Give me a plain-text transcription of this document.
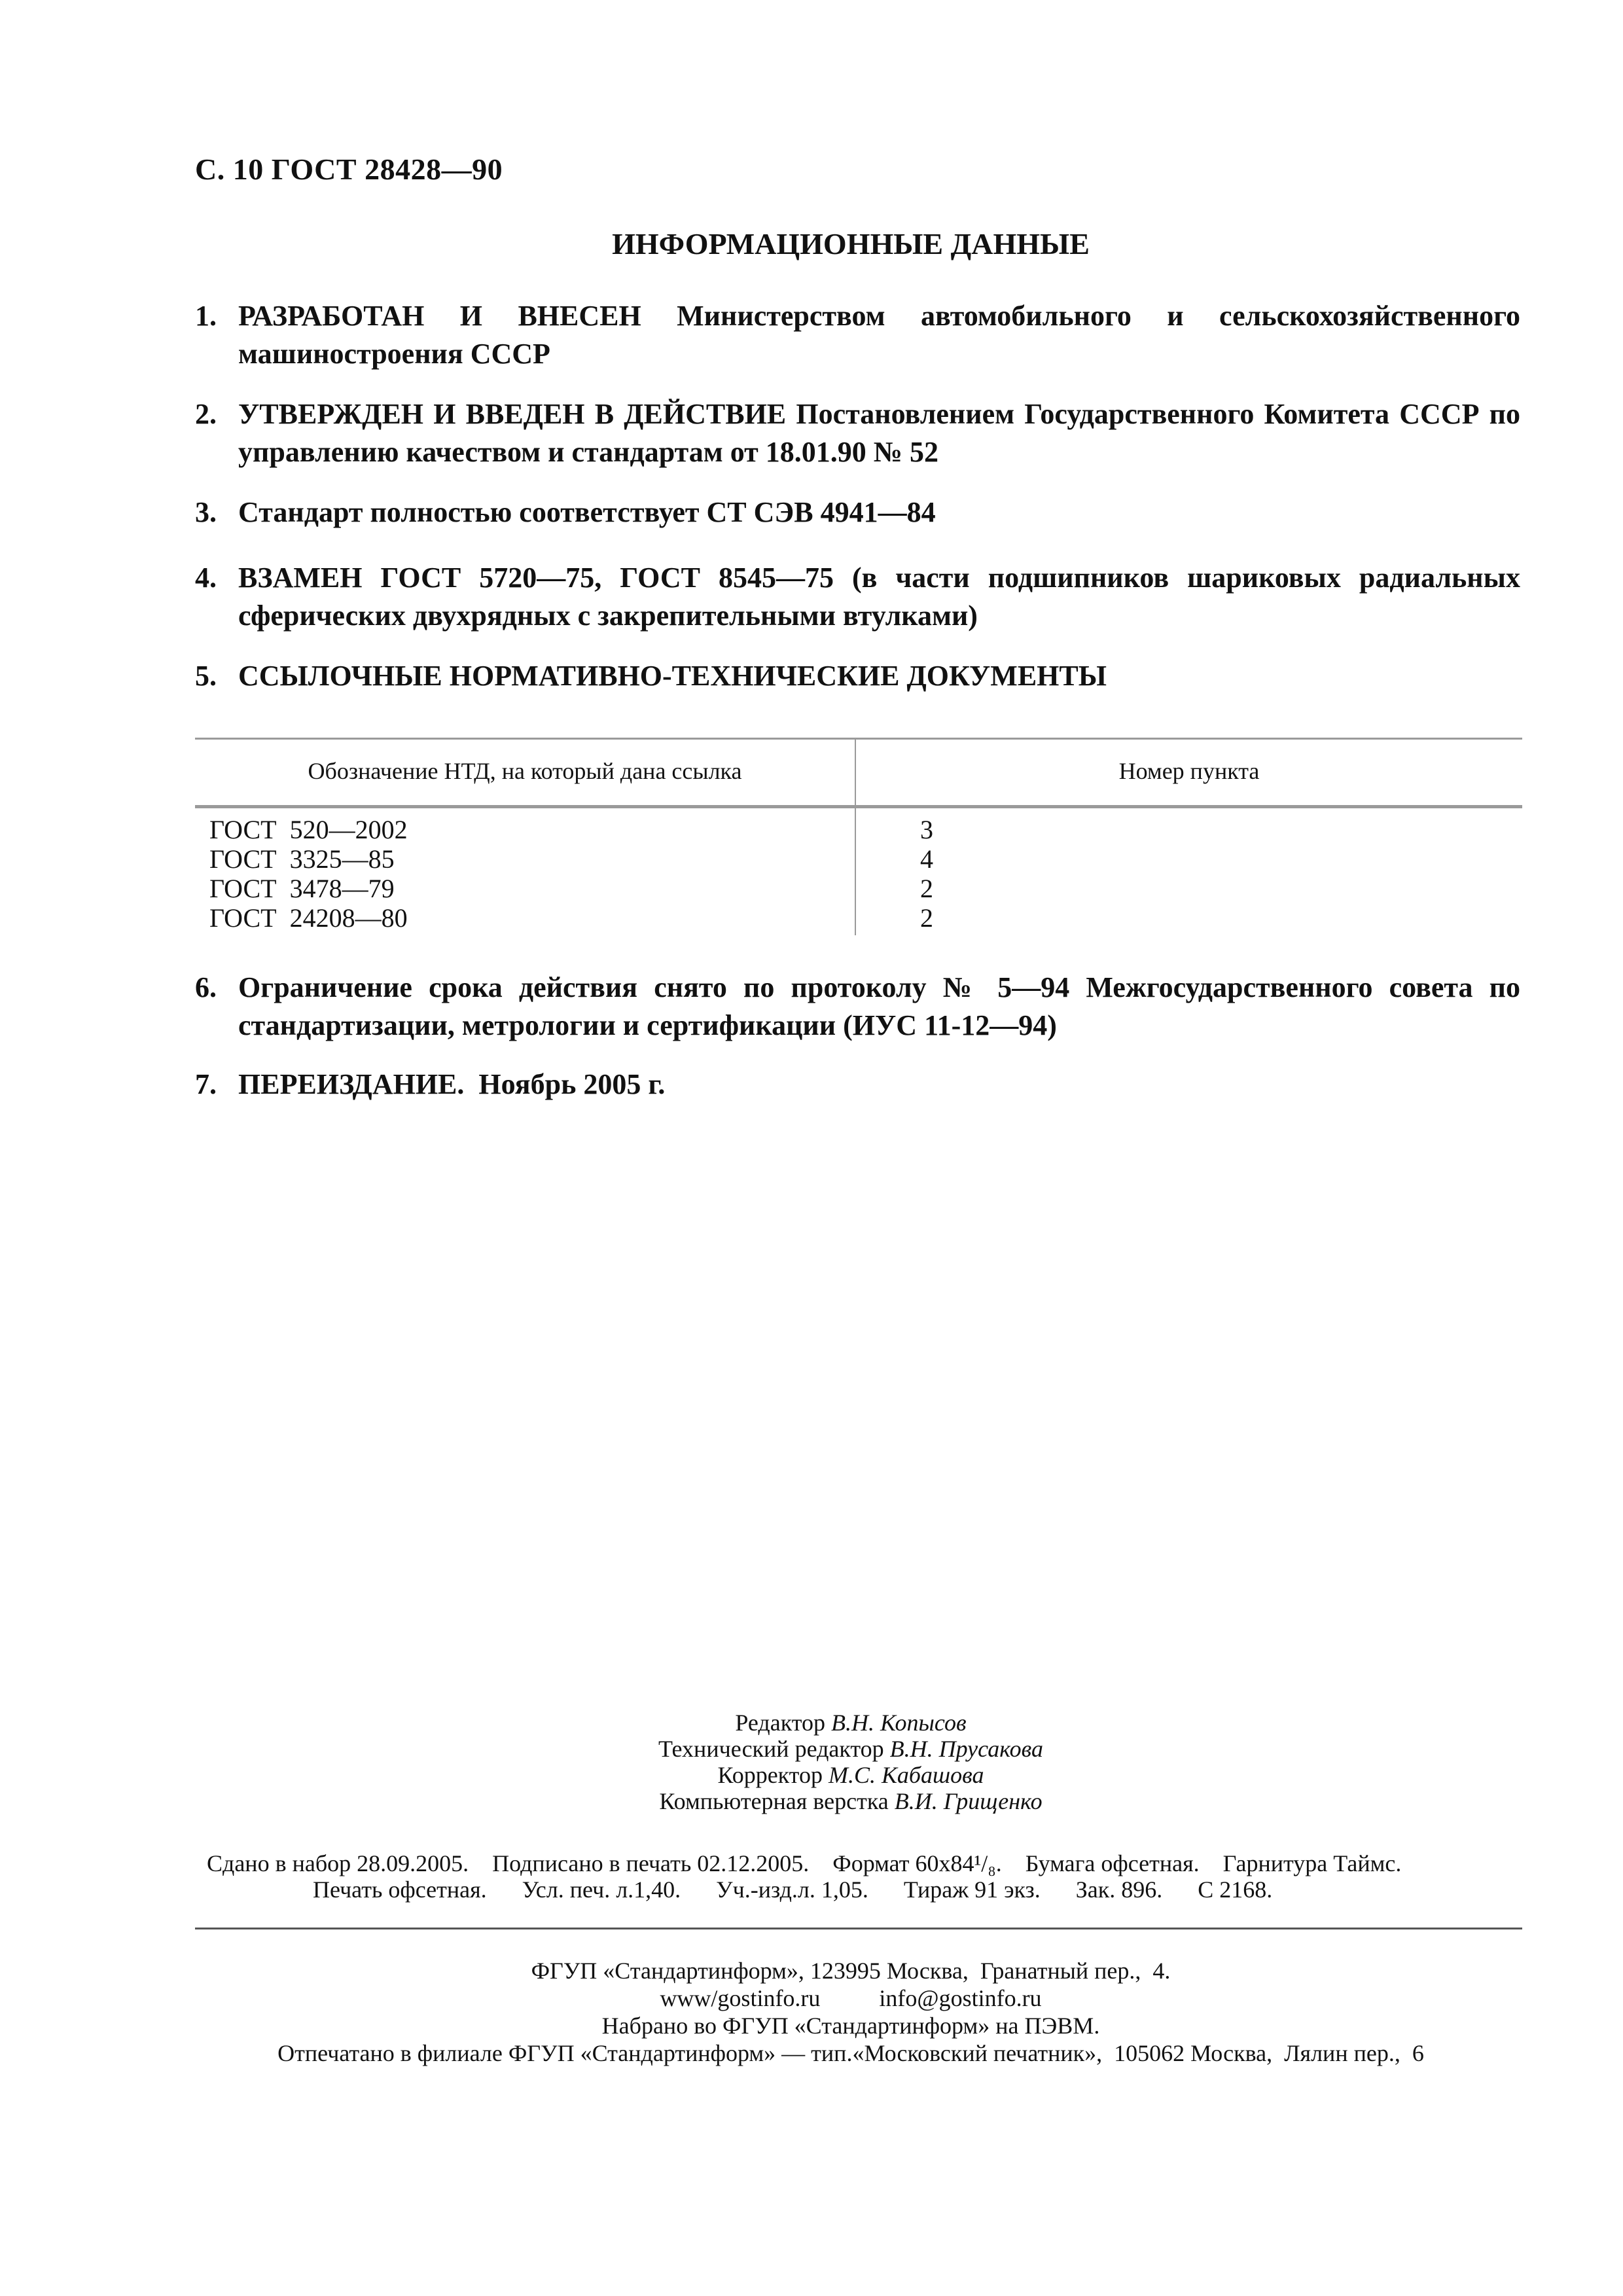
С. 10 ГОСТ 28428—90
ИНФОРМАЦИОННЫЕ ДАННЫЕ
1. РАЗРАБОТАН И ВНЕСЕН Министерством автомобильного и сельскохозяйственного машиностроения СССР
2. УТВЕРЖДЕН И ВВЕДЕН В ДЕЙСТВИЕ Постановлением Государственного Комитета СССР по управлению качеством и стандартам от 18.01.90 № 52
3. Стандарт полностью соответствует СТ СЭВ 4941—84
4. ВЗАМЕН ГОСТ 5720—75, ГОСТ 8545—75 (в части подшипников шариковых радиальных сферических двухрядных с закрепительными втулками)
5. ССЫЛОЧНЫЕ НОРМАТИВНО-ТЕХНИЧЕСКИЕ ДОКУМЕНТЫ
Обозначение НТД, на который дана ссылка	Номер пункта
ГОСТ  520—2002	3
ГОСТ  3325—85	4
ГОСТ  3478—79	2
ГОСТ  24208—80	2
6. Ограничение срока действия снято по протоколу № 5—94 Межгосударственного совета по стандартизации, метрологии и сертификации (ИУС 11-12—94)
7. ПЕРЕИЗДАНИЕ.  Ноябрь 2005 г.
Редактор В.Н. Копысов
Технический редактор В.Н. Прусакова
Корректор М.С. Кабашова
Компьютерная верстка В.И. Грищенко
Сдано в набор 28.09.2005.    Подписано в печать 02.12.2005.    Формат 60x84¹/₈.    Бумага офсетная.    Гарнитура Таймс.
Печать офсетная.      Усл. печ. л.1,40.      Уч.-изд.л. 1,05.      Тираж 91 экз.      Зак. 896.      С 2168.
ФГУП «Стандартинформ», 123995 Москва,  Гранатный пер.,  4.
www/gostinfo.ru          info@gostinfo.ru
Набрано во ФГУП «Стандартинформ» на ПЭВМ.
Отпечатано в филиале ФГУП «Стандартинформ» — тип.«Московский печатник»,  105062 Москва,  Лялин пер.,  6
